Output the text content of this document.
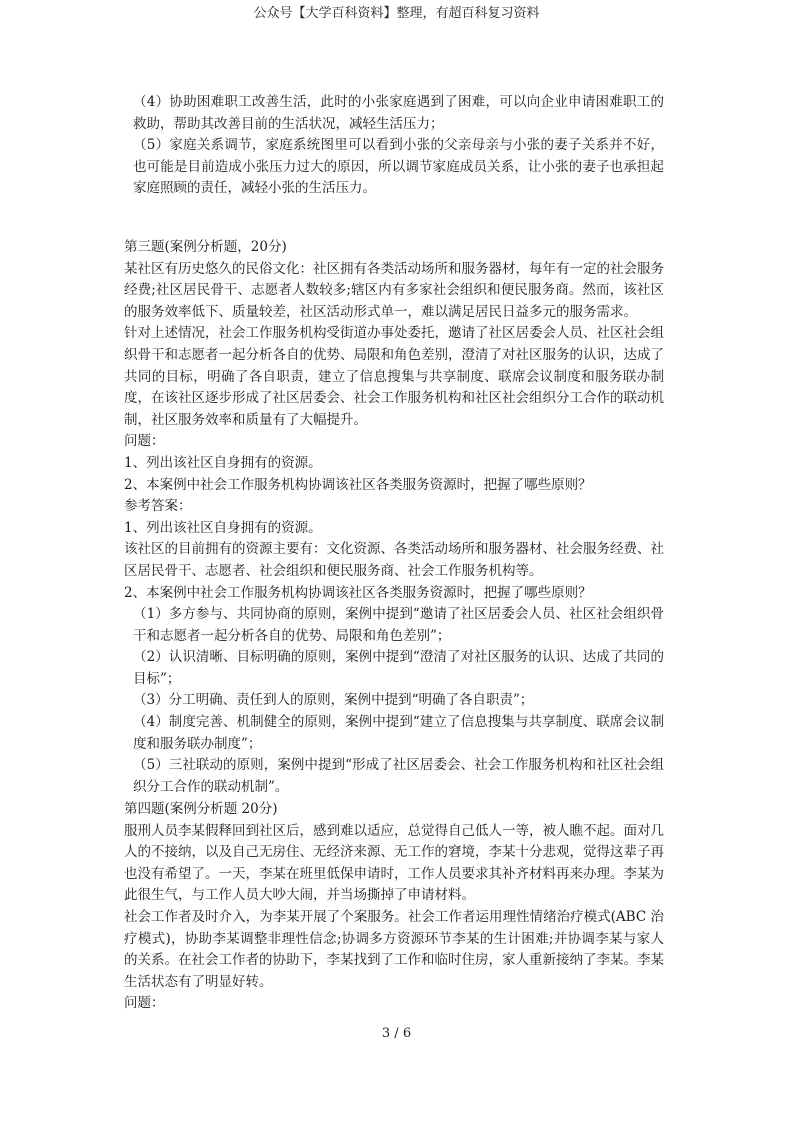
公众号【大学百科资料】整理，有超百科复习资料

（4）协助困难职工改善生活，此时的小张家庭遇到了困难，可以向企业申请困难职工的救助，帮助其改善目前的生活状况，减轻生活压力；

（5）家庭关系调节，家庭系统图里可以看到小张的父亲母亲与小张的妻子关系并不好，也可能是目前造成小张压力过大的原因，所以调节家庭成员关系，让小张的妻子也承担起家庭照顾的责任，减轻小张的生活压力。

第三题(案例分析题，20分)

某社区有历史悠久的民俗文化：社区拥有各类活动场所和服务器材，每年有一定的社会服务经费;社区居民骨干、志愿者人数较多;辖区内有多家社会组织和便民服务商。然而，该社区的服务效率低下、质量较差，社区活动形式单一，难以满足居民日益多元的服务需求。

针对上述情况，社会工作服务机构受街道办事处委托，邀请了社区居委会人员、社区社会组织骨干和志愿者一起分析各自的优势、局限和角色差别，澄清了对社区服务的认识，达成了共同的目标，明确了各自职责，建立了信息搜集与共享制度、联席会议制度和服务联办制度，在该社区逐步形成了社区居委会、社会工作服务机构和社区社会组织分工合作的联动机制，社区服务效率和质量有了大幅提升。

问题：

1、列出该社区自身拥有的资源。

2、本案例中社会工作服务机构协调该社区各类服务资源时，把握了哪些原则？

参考答案：

1、列出该社区自身拥有的资源。

该社区的目前拥有的资源主要有：文化资源、各类活动场所和服务器材、社会服务经费、社区居民骨干、志愿者、社会组织和便民服务商、社会工作服务机构等。

2、本案例中社会工作服务机构协调该社区各类服务资源时，把握了哪些原则？

（1）多方参与、共同协商的原则，案例中提到“邀请了社区居委会人员、社区社会组织骨干和志愿者一起分析各自的优势、局限和角色差别”；

（2）认识清晰、目标明确的原则，案例中提到“澄清了对社区服务的认识、达成了共同的目标”；

（3）分工明确、责任到人的原则，案例中提到“明确了各自职责”；

（4）制度完善、机制健全的原则，案例中提到“建立了信息搜集与共享制度、联席会议制度和服务联办制度”；

（5）三社联动的原则，案例中提到“形成了社区居委会、社会工作服务机构和社区社会组织分工合作的联动机制”。

第四题(案例分析题 20分)

服刑人员李某假释回到社区后，感到难以适应，总觉得自己低人一等，被人瞧不起。面对几人的不接纳，以及自己无房住、无经济来源、无工作的窘境，李某十分悲观，觉得这辈子再也没有希望了。一天，李某在班里低保申请时，工作人员要求其补齐材料再来办理。李某为此很生气，与工作人员大吵大闹，并当场撕掉了申请材料。

社会工作者及时介入，为李某开展了个案服务。社会工作者运用理性情绪治疗模式(ABC 治疗模式)，协助李某调整非理性信念;协调多方资源环节李某的生计困难;并协调李某与家人的关系。在社会工作者的协助下，李某找到了工作和临时住房，家人重新接纳了李某。李某生活状态有了明显好转。

问题：

3 / 6
